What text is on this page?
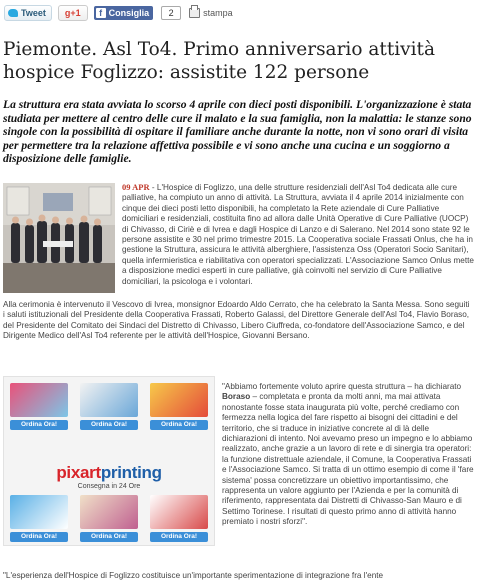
Tweet g+1	f Consiglia	2	stampa
Piemonte. Asl To4. Primo anniversario attività hospice Foglizzo: assistite 122 persone

La struttura era stata avviata lo scorso 4 aprile con dieci posti disponibili. L'organizzazione è stata studiata per mettere al centro delle cure il malato e la sua famiglia, non la malattia: le stanze sono singole con la possibilità di ospitare il familiare anche durante la notte, non vi sono orari di visita per permettere tra la relazione affettiva possibile e vi sono anche una cucina e un soggiorno a disposizione delle famiglie.

09 APR - L'Hospice di Foglizzo, una delle strutture residenziali dell'Asl To4 dedicata alle cure palliative, ha compiuto un anno di attività. La Struttura, avviata il 4 aprile 2014 inizialmente con cinque dei dieci posti letto disponibili, ha completato la Rete aziendale di Cure Palliative domiciliari e residenziali, costituita fino ad allora dalle Unità Operative di Cure Palliative (UOCP) di Chivasso, di Ciriè e di Ivrea e dagli Hospice di Lanzo e di Salerano. Nel 2014 sono state 92 le persone assistite e 30 nel primo trimestre 2015. La Cooperativa sociale Frassati Onlus, che ha in gestione la Struttura, assicura le attività alberghiere, l'assistenza Oss (Operatori Socio Sanitari), quella infermieristica e riabilitativa con operatori specializzati. L'Associazione Samco Onlus mette a disposizione medici esperti in cure palliative, già coinvolti nel servizio di Cure Palliative domiciliari, la psicologa e i volontari.

Alla cerimonia è intervenuto il Vescovo di Ivrea, monsignor Edoardo Aldo Cerrato, che ha celebrato la Santa Messa. Sono seguiti i saluti istituzionali del Presidente della Cooperativa Frassati, Roberto Galassi, del Direttore Generale dell'Asl To4, Flavio Boraso, del Presidente del Comitato dei Sindaci del Distretto di Chivasso, Libero Ciuffreda, co-fondatore dell'Associazione Samco, e del Dirigente Medico dell'Asl To4 referente per le attività dell'Hospice, Giovanni Bersano.

Ordina Ora!	Ordina Ora!	Ordina Ora!
pixartprinting
Consegna in 24 Ore
Ordina Ora!	Ordina Ora!	Ordina Ora!

"Abbiamo fortemente voluto aprire questa struttura – ha dichiarato Boraso – completata e pronta da molti anni, ma mai attivata nonostante fosse stata inaugurata più volte, perché crediamo con fermezza nella logica del fare rispetto ai bisogni dei cittadini e del territorio, che si traduce in iniziative concrete al di là delle dichiarazioni di intento. Noi avevamo preso un impegno e lo abbiamo realizzato, anche grazie a un lavoro di rete e di sinergia tra operatori: la funzione distrettuale aziendale, il Comune, la Cooperativa Frassati e l'Associazione Samco. Si tratta di un ottimo esempio di come il 'fare sistema' possa concretizzare un obiettivo importantissimo, che rappresenta un valore aggiunto per l'Azienda e per la comunità di riferimento, rappresentata dai Distretti di Chivasso-San Mauro e di Settimo Torinese. I risultati di questo primo anno di attività hanno premiato i nostri sforzi".

"L'esperienza dell'Hospice di Foglizzo costituisce un'importante sperimentazione di integrazione fra l'ente
